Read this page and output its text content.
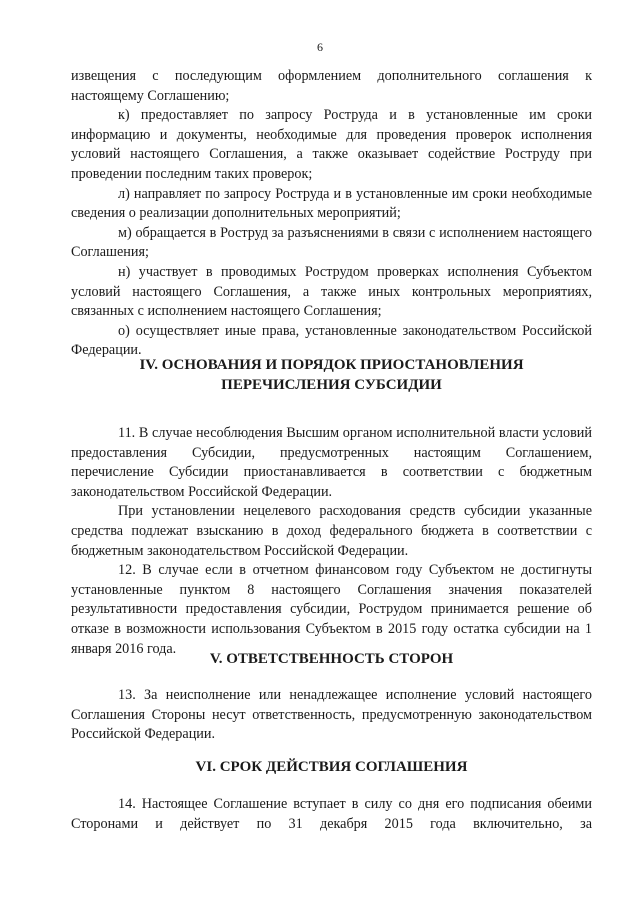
6

извещения с последующим оформлением дополнительного соглашения к настоящему Соглашению;

к) предоставляет по запросу Роструда и в установленные им сроки информацию и документы, необходимые для проведения проверок исполнения условий настоящего Соглашения, а также оказывает содействие Роструду при проведении последним таких проверок;

л) направляет по запросу Роструда и в установленные им сроки необходимые сведения о реализации дополнительных мероприятий;

м) обращается в Роструд за разъяснениями в связи с исполнением настоящего Соглашения;

н) участвует в проводимых Рострудом проверках исполнения Субъектом условий настоящего Соглашения, а также иных контрольных мероприятиях, связанных с исполнением настоящего Соглашения;

о) осуществляет иные права, установленные законодательством Российской Федерации.

IV. ОСНОВАНИЯ И ПОРЯДОК ПРИОСТАНОВЛЕНИЯ
ПЕРЕЧИСЛЕНИЯ СУБСИДИИ

11. В случае несоблюдения Высшим органом исполнительной власти условий предоставления Субсидии, предусмотренных настоящим Соглашением, перечисление Субсидии приостанавливается в соответствии с бюджетным законодательством Российской Федерации.

При установлении нецелевого расходования средств субсидии указанные средства подлежат взысканию в доход федерального бюджета в соответствии с бюджетным законодательством Российской Федерации.

12. В случае если в отчетном финансовом году Субъектом не достигнуты установленные пунктом 8 настоящего Соглашения значения показателей результативности предоставления субсидии, Рострудом принимается решение об отказе в возможности использования Субъектом в 2015 году остатка субсидии на 1 января 2016 года.

V. ОТВЕТСТВЕННОСТЬ СТОРОН

13. За неисполнение или ненадлежащее исполнение условий настоящего Соглашения Стороны несут ответственность, предусмотренную законодательством Российской Федерации.

VI. СРОК ДЕЙСТВИЯ СОГЛАШЕНИЯ

14. Настоящее Соглашение вступает в силу со дня его подписания обеими Сторонами и действует по 31 декабря 2015 года включительно, за
